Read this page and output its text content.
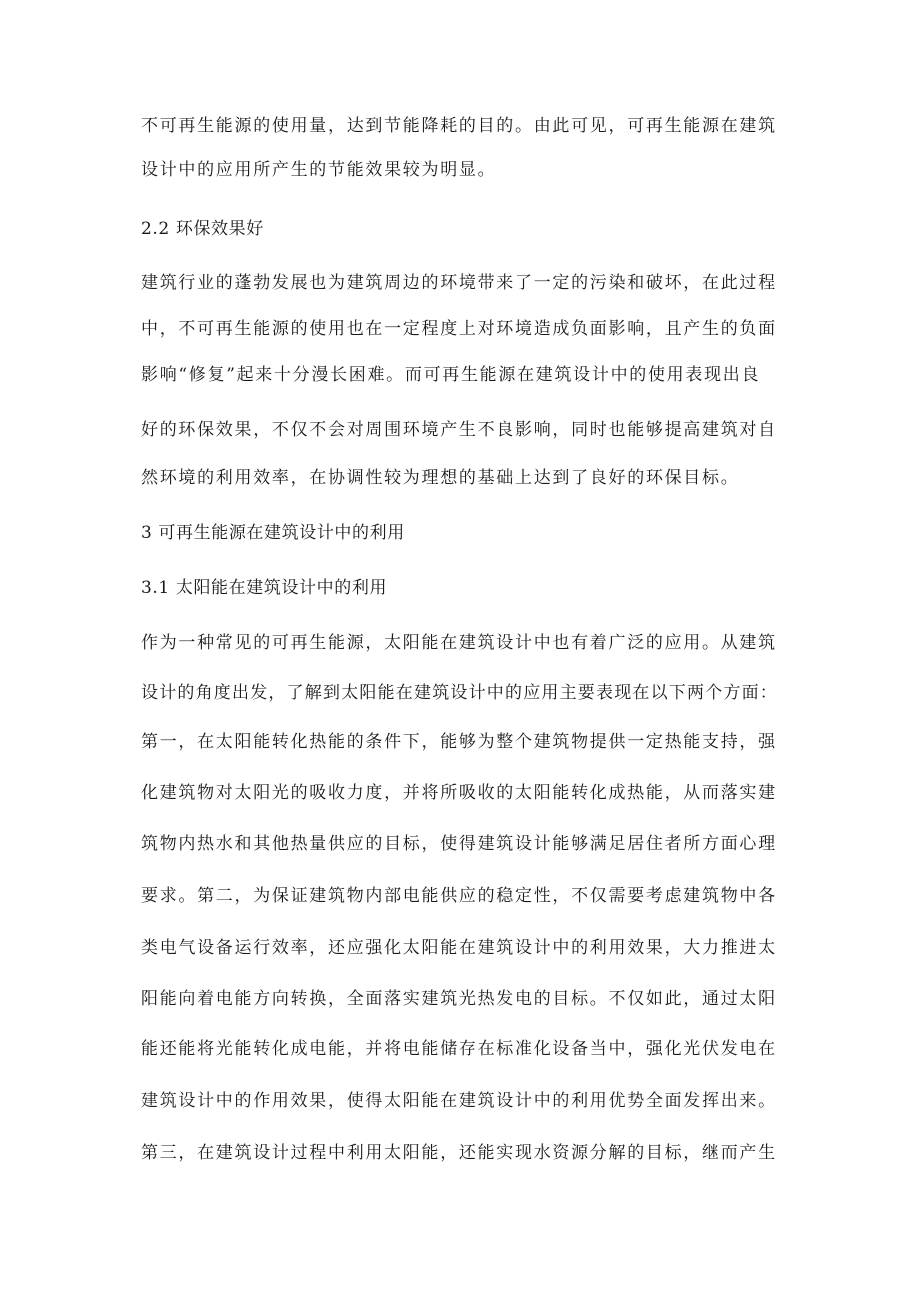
不可再生能源的使用量，达到节能降耗的目的。由此可见，可再生能源在建筑
设计中的应用所产生的节能效果较为明显。
2.2 环保效果好
建筑行业的蓬勃发展也为建筑周边的环境带来了一定的污染和破坏，在此过程
中，不可再生能源的使用也在一定程度上对环境造成负面影响，且产生的负面
影响“修复”起来十分漫长困难。而可再生能源在建筑设计中的使用表现出良
好的环保效果，不仅不会对周围环境产生不良影响，同时也能够提高建筑对自
然环境的利用效率，在协调性较为理想的基础上达到了良好的环保目标。
3 可再生能源在建筑设计中的利用
3.1 太阳能在建筑设计中的利用
作为一种常见的可再生能源，太阳能在建筑设计中也有着广泛的应用。从建筑
设计的角度出发，了解到太阳能在建筑设计中的应用主要表现在以下两个方面：
第一，在太阳能转化热能的条件下，能够为整个建筑物提供一定热能支持，强
化建筑物对太阳光的吸收力度，并将所吸收的太阳能转化成热能，从而落实建
筑物内热水和其他热量供应的目标，使得建筑设计能够满足居住者所方面心理
要求。第二，为保证建筑物内部电能供应的稳定性，不仅需要考虑建筑物中各
类电气设备运行效率，还应强化太阳能在建筑设计中的利用效果，大力推进太
阳能向着电能方向转换，全面落实建筑光热发电的目标。不仅如此，通过太阳
能还能将光能转化成电能，并将电能储存在标准化设备当中，强化光伏发电在
建筑设计中的作用效果，使得太阳能在建筑设计中的利用优势全面发挥出来。
第三，在建筑设计过程中利用太阳能，还能实现水资源分解的目标，继而产生
